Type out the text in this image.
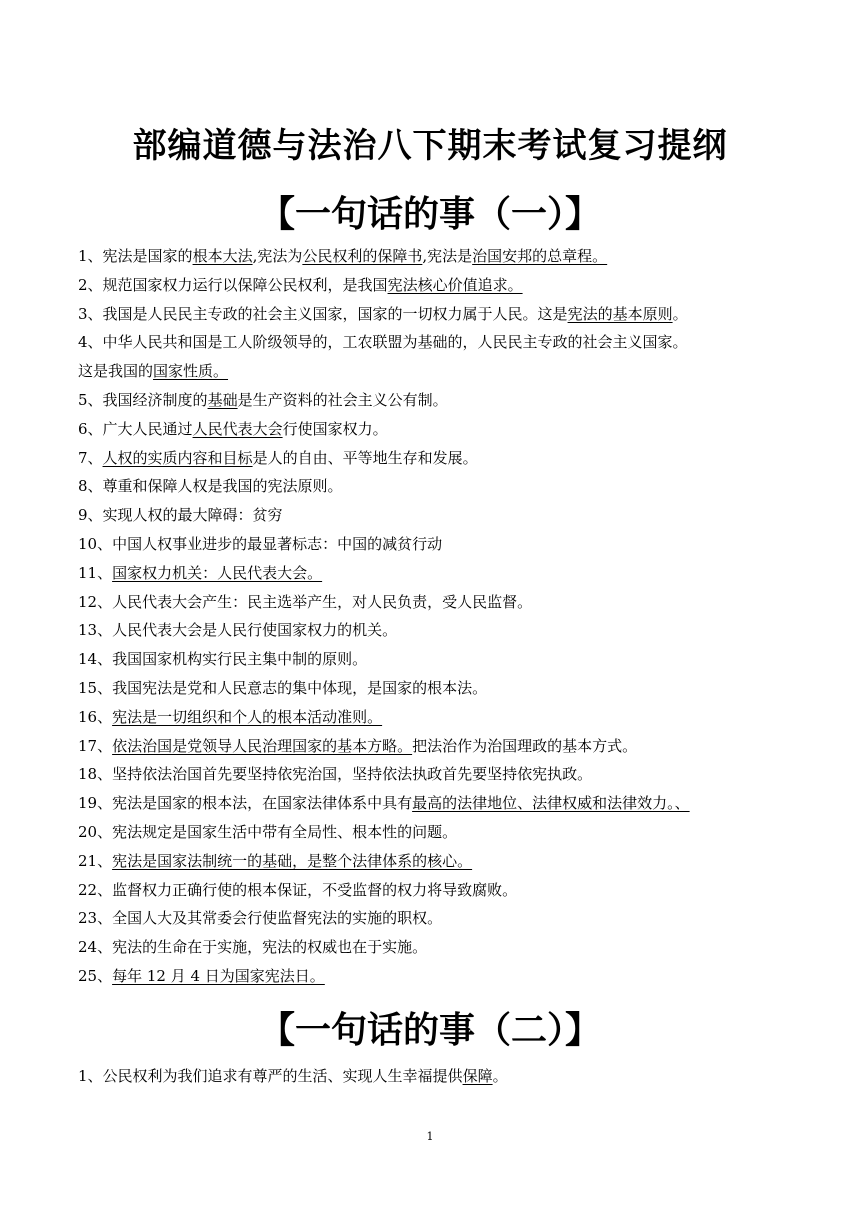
部编道德与法治八下期末考试复习提纲
【一句话的事（一）】

1、宪法是国家的根本大法,宪法为公民权利的保障书,宪法是治国安邦的总章程。

2、规范国家权力运行以保障公民权利，是我国宪法核心价值追求。

3、我国是人民民主专政的社会主义国家，国家的一切权力属于人民。这是宪法的基本原则。

4、中华人民共和国是工人阶级领导的，工农联盟为基础的，人民民主专政的社会主义国家。

这是我国的国家性质。

5、我国经济制度的基础是生产资料的社会主义公有制。

6、广大人民通过人民代表大会行使国家权力。

7、人权的实质内容和目标是人的自由、平等地生存和发展。

8、尊重和保障人权是我国的宪法原则。

9、实现人权的最大障碍：贫穷

10、中国人权事业进步的最显著标志：中国的减贫行动

11、国家权力机关：人民代表大会。

12、人民代表大会产生：民主选举产生，对人民负责，受人民监督。

13、人民代表大会是人民行使国家权力的机关。

14、我国国家机构实行民主集中制的原则。

15、我国宪法是党和人民意志的集中体现，是国家的根本法。

16、宪法是一切组织和个人的根本活动准则。

17、依法治国是党领导人民治理国家的基本方略。把法治作为治国理政的基本方式。

18、坚持依法治国首先要坚持依宪治国，坚持依法执政首先要坚持依宪执政。

19、宪法是国家的根本法，在国家法律体系中具有最高的法律地位、法律权威和法律效力。、

20、宪法规定是国家生活中带有全局性、根本性的问题。

21、宪法是国家法制统一的基础，是整个法律体系的核心。

22、监督权力正确行使的根本保证，不受监督的权力将导致腐败。

23、全国人大及其常委会行使监督宪法的实施的职权。

24、宪法的生命在于实施，宪法的权威也在于实施。

25、每年 12 月 4 日为国家宪法日。

【一句话的事（二）】

1、公民权利为我们追求有尊严的生活、实现人生幸福提供保障。

1
